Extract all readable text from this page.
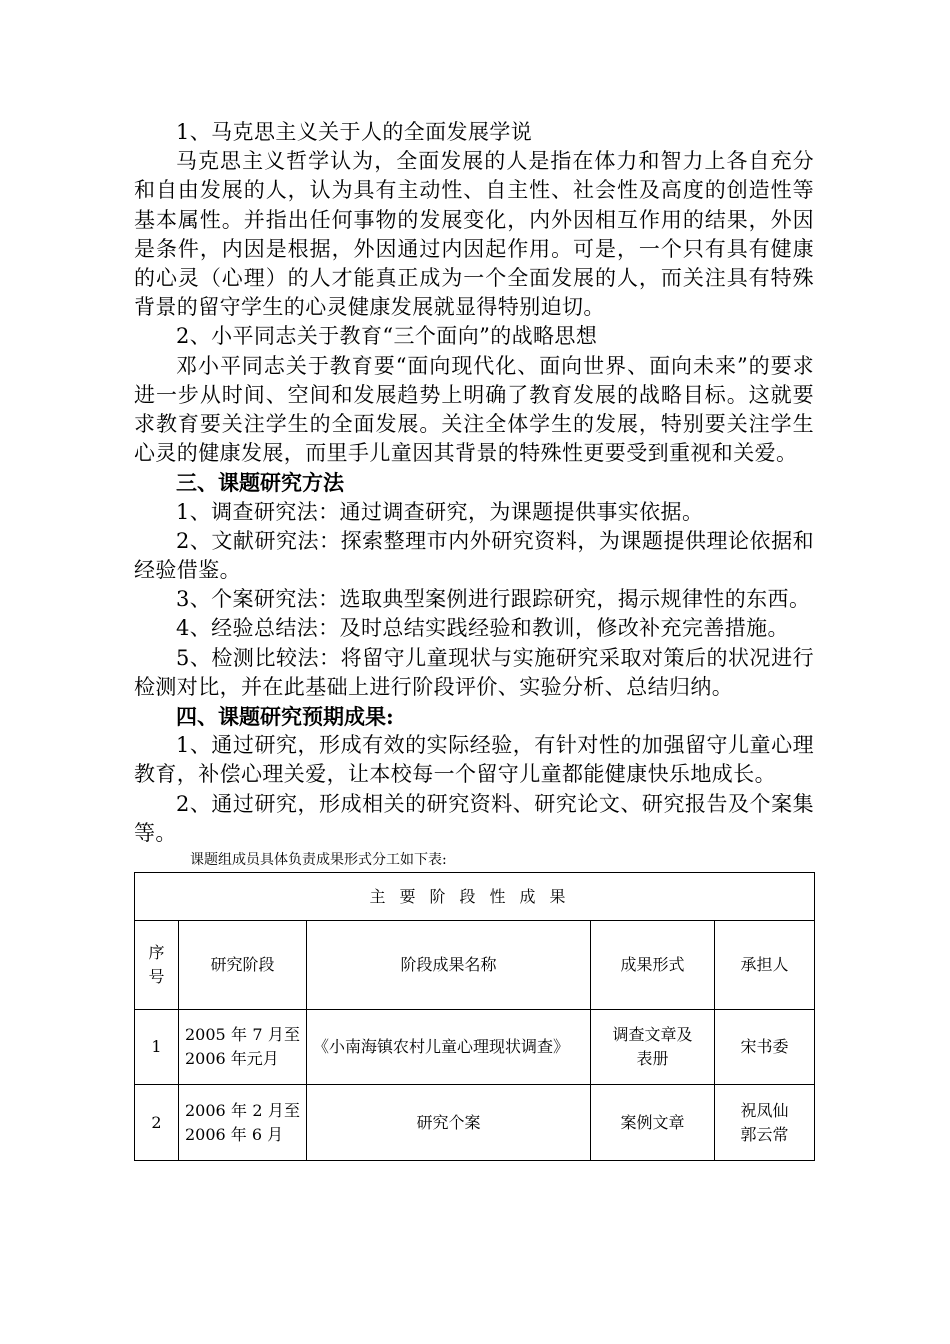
1、马克思主义关于人的全面发展学说

马克思主义哲学认为，全面发展的人是指在体力和智力上各自充分和自由发展的人，认为具有主动性、自主性、社会性及高度的创造性等基本属性。并指出任何事物的发展变化，内外因相互作用的结果，外因是条件，内因是根据，外因通过内因起作用。可是，一个只有具有健康的心灵（心理）的人才能真正成为一个全面发展的人，而关注具有特殊背景的留守学生的心灵健康发展就显得特别迫切。

2、小平同志关于教育“三个面向”的战略思想

邓小平同志关于教育要“面向现代化、面向世界、面向未来”的要求进一步从时间、空间和发展趋势上明确了教育发展的战略目标。这就要求教育要关注学生的全面发展。关注全体学生的发展，特别要关注学生心灵的健康发展，而里手儿童因其背景的特殊性更要受到重视和关爱。

三、课题研究方法

1、调查研究法：通过调查研究，为课题提供事实依据。

2、文献研究法：探索整理市内外研究资料，为课题提供理论依据和经验借鉴。

3、个案研究法：选取典型案例进行跟踪研究，揭示规律性的东西。

4、经验总结法：及时总结实践经验和教训，修改补充完善措施。

5、检测比较法：将留守儿童现状与实施研究采取对策后的状况进行检测对比，并在此基础上进行阶段评价、实验分析、总结归纳。

四、课题研究预期成果:

1、通过研究，形成有效的实际经验，有针对性的加强留守儿童心理教育，补偿心理关爱，让本校每一个留守儿童都能健康快乐地成长。

2、通过研究，形成相关的研究资料、研究论文、研究报告及个案集等。

课题组成员具体负责成果形式分工如下表:
主要阶段性成果				
序号	研究阶段	阶段成果名称	成果形式	承担人
1	2005 年 7 月至 2006 年元月	《小南海镇农村儿童心理现状调查》	调查文章及表册	宋书委
2	2006 年 2 月至 2006 年 6 月	研究个案	案例文章	祝凤仙 郭云常
